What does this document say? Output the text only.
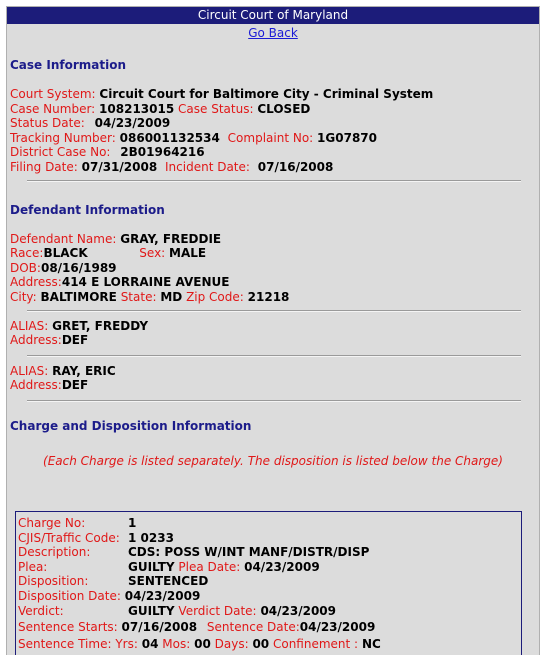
Circuit Court of Maryland
Go Back
Case Information
Court System: Circuit Court for Baltimore City - Criminal System
Case Number: 108213015 Case Status: CLOSED
Status Date: 04/23/2009
Tracking Number: 086001132534 Complaint No: 1G07870
District Case No: 2B01964216
Filing Date: 07/31/2008 Incident Date: 07/16/2008
Defendant Information
Defendant Name: GRAY, FREDDIE
Race:BLACK	Sex: MALE
DOB:08/16/1989
Address:414 E LORRAINE AVENUE
City: BALTIMORE State: MD Zip Code: 21218
ALIAS: GRET, FREDDY
Address:DEF
ALIAS: RAY, ERIC
Address:DEF
Charge and Disposition Information
(Each Charge is listed separately. The disposition is listed below the Charge)
Charge No:	1
CJIS/Traffic Code: 1 0233
Description:	CDS: POSS W/INT MANF/DISTR/DISP
Plea:	GUILTY Plea Date: 04/23/2009
Disposition:	SENTENCED
Disposition Date: 04/23/2009
Verdict:	GUILTY Verdict Date: 04/23/2009
Sentence Starts: 07/16/2008 Sentence Date:04/23/2009
Sentence Time: Yrs: 04 Mos: 00 Days: 00 Confinement : NC
